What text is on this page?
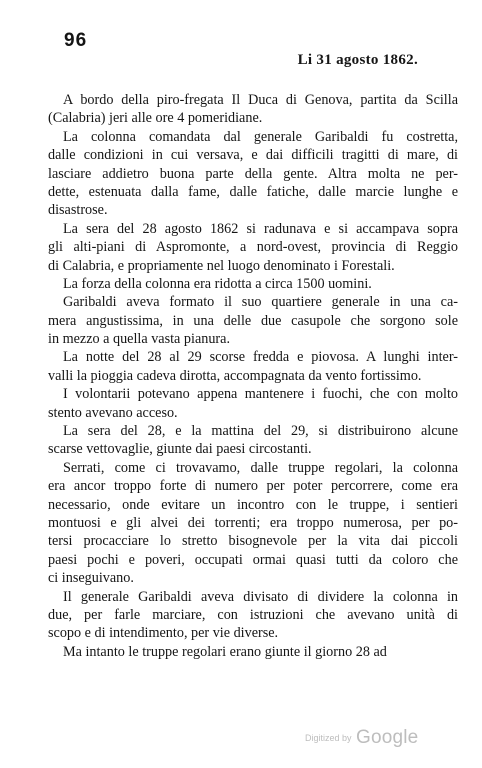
96
Li 31 agosto 1862.
A bordo della piro-fregata Il Duca di Genova, partita da Scilla
(Calabria) jeri alle ore 4 pomeridiane.
La colonna comandata dal generale Garibaldi fu costretta,
dalle condizioni in cui versava, e dai difficili tragitti di mare, di
lasciare addietro buona parte della gente. Altra molta ne per-
dette, estenuata dalla fame, dalle fatiche, dalle marcie lunghe e
disastrose.
La sera del 28 agosto 1862 si radunava e si accampava sopra
gli alti-piani di Aspromonte, a nord-ovest, provincia di Reggio
di Calabria, e propriamente nel luogo denominato i Forestali.
La forza della colonna era ridotta a circa 1500 uomini.
Garibaldi aveva formato il suo quartiere generale in una ca-
mera angustissima, in una delle due casupole che sorgono sole
in mezzo a quella vasta pianura.
La notte del 28 al 29 scorse fredda e piovosa. A lunghi inter-
valli la pioggia cadeva dirotta, accompagnata da vento fortissimo.
I volontarii potevano appena mantenere i fuochi, che con molto
stento avevano acceso.
La sera del 28, e la mattina del 29, si distribuirono alcune
scarse vettovaglie, giunte dai paesi circostanti.
Serrati, come ci trovavamo, dalle truppe regolari, la colonna
era ancor troppo forte di numero per poter percorrere, come era
necessario, onde evitare un incontro con le truppe, i sentieri
montuosi e gli alvei dei torrenti; era troppo numerosa, per po-
tersi procacciare lo stretto bisognevole per la vita dai piccoli
paesi pochi e poveri, occupati ormai quasi tutti da coloro che
ci inseguivano.
Il generale Garibaldi aveva divisato di dividere la colonna in
due, per farle marciare, con istruzioni che avevano unità di
scopo e di intendimento, per vie diverse.
Ma intanto le truppe regolari erano giunte il giorno 28 ad
Digitized by Google
